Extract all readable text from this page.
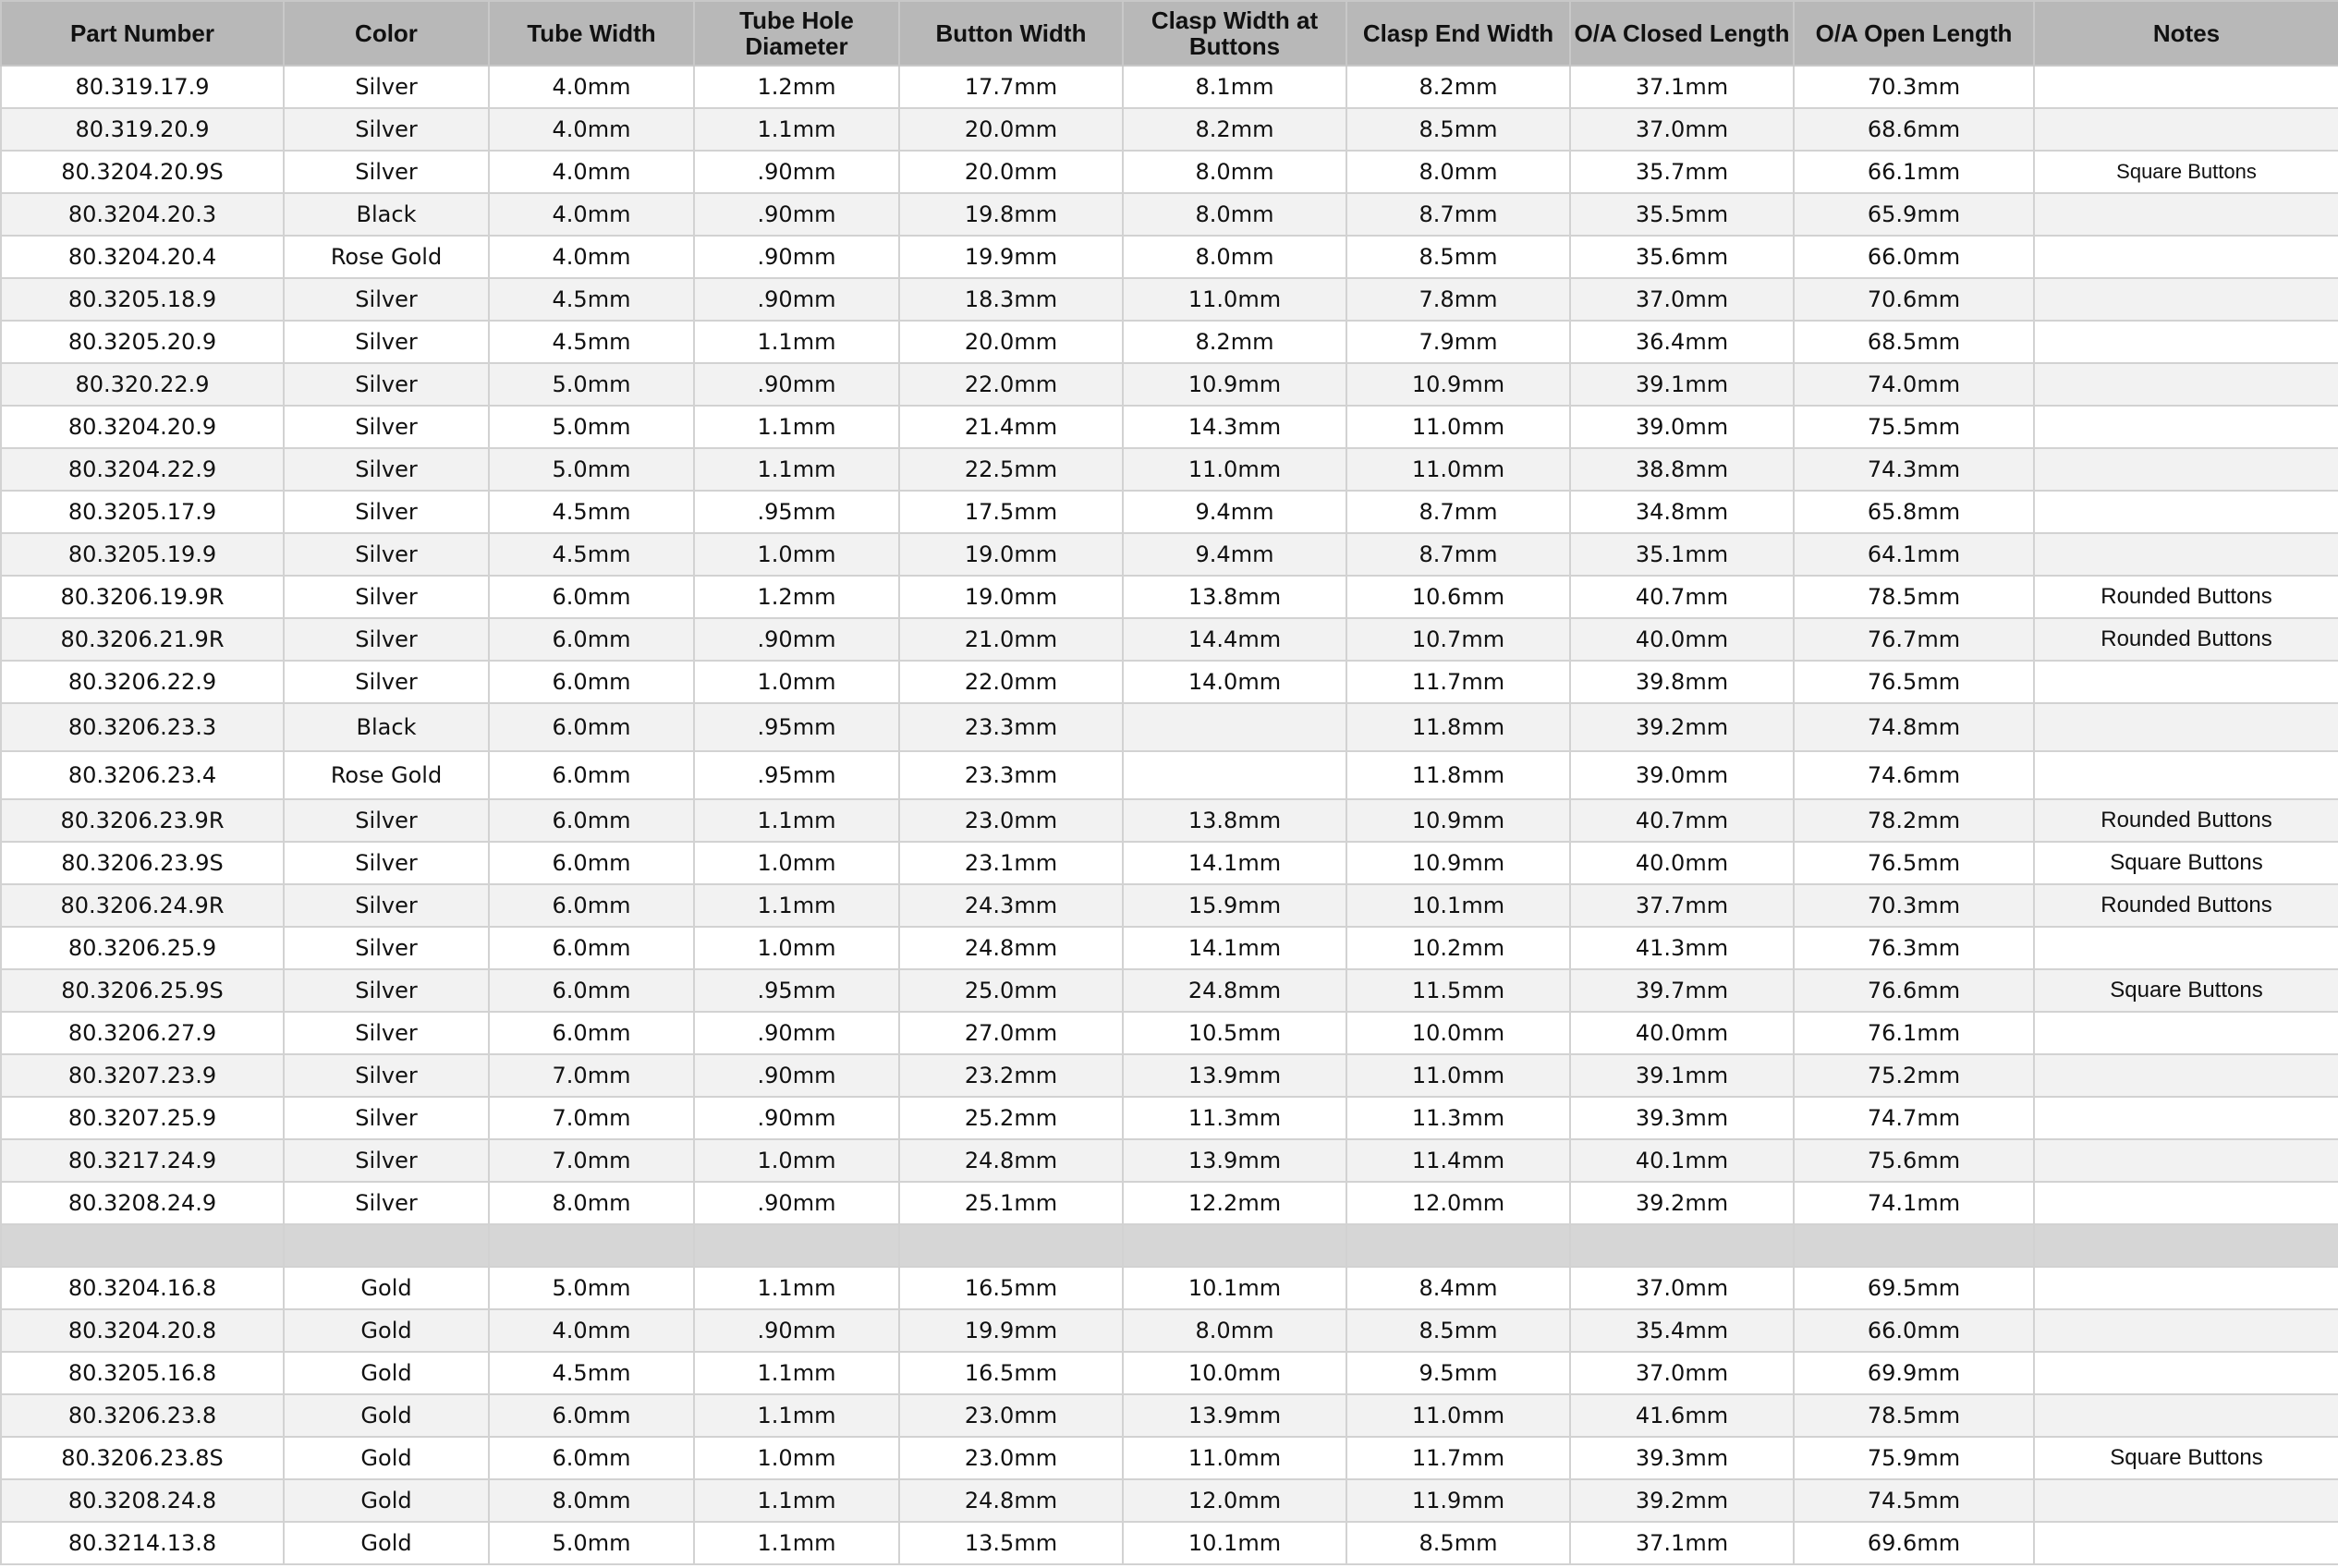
Part Number	Color	Tube Width	Tube Hole Diameter	Button Width	Clasp Width at Buttons	Clasp End Width	O/A Closed Length	O/A Open Length	Notes
80.319.17.9	Silver	4.0mm	1.2mm	17.7mm	8.1mm	8.2mm	37.1mm	70.3mm	
80.319.20.9	Silver	4.0mm	1.1mm	20.0mm	8.2mm	8.5mm	37.0mm	68.6mm	
80.3204.20.9S	Silver	4.0mm	.90mm	20.0mm	8.0mm	8.0mm	35.7mm	66.1mm	Square Buttons
80.3204.20.3	Black	4.0mm	.90mm	19.8mm	8.0mm	8.7mm	35.5mm	65.9mm	
80.3204.20.4	Rose Gold	4.0mm	.90mm	19.9mm	8.0mm	8.5mm	35.6mm	66.0mm	
80.3205.18.9	Silver	4.5mm	.90mm	18.3mm	11.0mm	7.8mm	37.0mm	70.6mm	
80.3205.20.9	Silver	4.5mm	1.1mm	20.0mm	8.2mm	7.9mm	36.4mm	68.5mm	
80.320.22.9	Silver	5.0mm	.90mm	22.0mm	10.9mm	10.9mm	39.1mm	74.0mm	
80.3204.20.9	Silver	5.0mm	1.1mm	21.4mm	14.3mm	11.0mm	39.0mm	75.5mm	
80.3204.22.9	Silver	5.0mm	1.1mm	22.5mm	11.0mm	11.0mm	38.8mm	74.3mm	
80.3205.17.9	Silver	4.5mm	.95mm	17.5mm	9.4mm	8.7mm	34.8mm	65.8mm	
80.3205.19.9	Silver	4.5mm	1.0mm	19.0mm	9.4mm	8.7mm	35.1mm	64.1mm	
80.3206.19.9R	Silver	6.0mm	1.2mm	19.0mm	13.8mm	10.6mm	40.7mm	78.5mm	Rounded Buttons
80.3206.21.9R	Silver	6.0mm	.90mm	21.0mm	14.4mm	10.7mm	40.0mm	76.7mm	Rounded Buttons
80.3206.22.9	Silver	6.0mm	1.0mm	22.0mm	14.0mm	11.7mm	39.8mm	76.5mm	
80.3206.23.3	Black	6.0mm	.95mm	23.3mm		11.8mm	39.2mm	74.8mm	
80.3206.23.4	Rose Gold	6.0mm	.95mm	23.3mm		11.8mm	39.0mm	74.6mm	
80.3206.23.9R	Silver	6.0mm	1.1mm	23.0mm	13.8mm	10.9mm	40.7mm	78.2mm	Rounded Buttons
80.3206.23.9S	Silver	6.0mm	1.0mm	23.1mm	14.1mm	10.9mm	40.0mm	76.5mm	Square Buttons
80.3206.24.9R	Silver	6.0mm	1.1mm	24.3mm	15.9mm	10.1mm	37.7mm	70.3mm	Rounded Buttons
80.3206.25.9	Silver	6.0mm	1.0mm	24.8mm	14.1mm	10.2mm	41.3mm	76.3mm	
80.3206.25.9S	Silver	6.0mm	.95mm	25.0mm	24.8mm	11.5mm	39.7mm	76.6mm	Square Buttons
80.3206.27.9	Silver	6.0mm	.90mm	27.0mm	10.5mm	10.0mm	40.0mm	76.1mm	
80.3207.23.9	Silver	7.0mm	.90mm	23.2mm	13.9mm	11.0mm	39.1mm	75.2mm	
80.3207.25.9	Silver	7.0mm	.90mm	25.2mm	11.3mm	11.3mm	39.3mm	74.7mm	
80.3217.24.9	Silver	7.0mm	1.0mm	24.8mm	13.9mm	11.4mm	40.1mm	75.6mm	
80.3208.24.9	Silver	8.0mm	.90mm	25.1mm	12.2mm	12.0mm	39.2mm	74.1mm	

80.3204.16.8	Gold	5.0mm	1.1mm	16.5mm	10.1mm	8.4mm	37.0mm	69.5mm	
80.3204.20.8	Gold	4.0mm	.90mm	19.9mm	8.0mm	8.5mm	35.4mm	66.0mm	
80.3205.16.8	Gold	4.5mm	1.1mm	16.5mm	10.0mm	9.5mm	37.0mm	69.9mm	
80.3206.23.8	Gold	6.0mm	1.1mm	23.0mm	13.9mm	11.0mm	41.6mm	78.5mm	
80.3206.23.8S	Gold	6.0mm	1.0mm	23.0mm	11.0mm	11.7mm	39.3mm	75.9mm	Square Buttons
80.3208.24.8	Gold	8.0mm	1.1mm	24.8mm	12.0mm	11.9mm	39.2mm	74.5mm	
80.3214.13.8	Gold	5.0mm	1.1mm	13.5mm	10.1mm	8.5mm	37.1mm	69.6mm	
